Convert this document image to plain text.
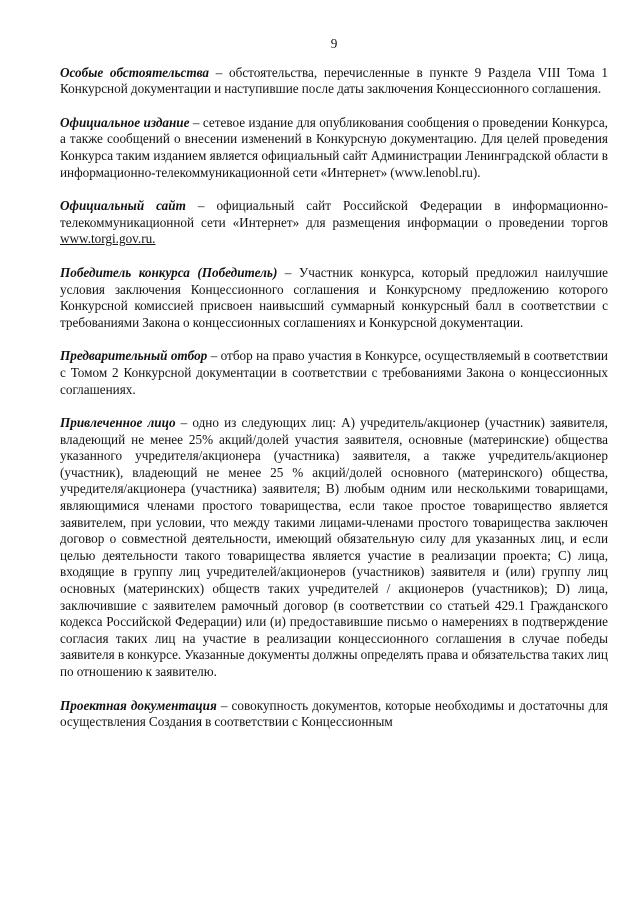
9

Особые обстоятельства – обстоятельства, перечисленные в пункте 9 Раздела VIII Тома 1 Конкурсной документации и наступившие после даты заключения Концессионного соглашения.

Официальное издание – сетевое издание для опубликования сообщения о проведении Конкурса, а также сообщений о внесении изменений в Конкурсную документацию. Для целей проведения Конкурса таким изданием является официальный сайт Администрации Ленинградской области в информационно-телекоммуникационной сети «Интернет» (www.lenobl.ru).

Официальный сайт – официальный сайт Российской Федерации в информационно-телекоммуникационной сети «Интернет» для размещения информации о проведении торгов www.torgi.gov.ru.

Победитель конкурса (Победитель) – Участник конкурса, который предложил наилучшие условия заключения Концессионного соглашения и Конкурсному предложению которого Конкурсной комиссией присвоен наивысший суммарный конкурсный балл в соответствии с требованиями Закона о концессионных соглашениях и Конкурсной документации.

Предварительный отбор – отбор на право участия в Конкурсе, осуществляемый в соответствии с Томом 2 Конкурсной документации в соответствии с требованиями Закона о концессионных соглашениях.

Привлеченное лицо – одно из следующих лиц: А) учредитель/акционер (участник) заявителя, владеющий не менее 25% акций/долей участия заявителя, основные (материнские) общества указанного учредителя/акционера (участника) заявителя, а также учредитель/акционер (участник), владеющий не менее 25 % акций/долей основного (материнского) общества, учредителя/акционера (участника) заявителя; В) любым одним или несколькими товарищами, являющимися членами простого товарищества, если такое простое товарищество является заявителем, при условии, что между такими лицами-членами простого товарищества заключен договор о совместной деятельности, имеющий обязательную силу для указанных лиц, и если целью деятельности такого товарищества является участие в реализации проекта; С) лица, входящие в группу лиц учредителей/акционеров (участников) заявителя и (или) группу лиц основных (материнских) обществ таких учредителей / акционеров (участников); D) лица, заключившие с заявителем рамочный договор (в соответствии со статьей 429.1 Гражданского кодекса Российской Федерации) или (и) предоставившие письмо о намерениях в подтверждение согласия таких лиц на участие в реализации концессионного соглашения в случае победы заявителя в конкурсе. Указанные документы должны определять права и обязательства таких лиц по отношению к заявителю.

Проектная документация – совокупность документов, которые необходимы и достаточны для осуществления Создания в соответствии с Концессионным
